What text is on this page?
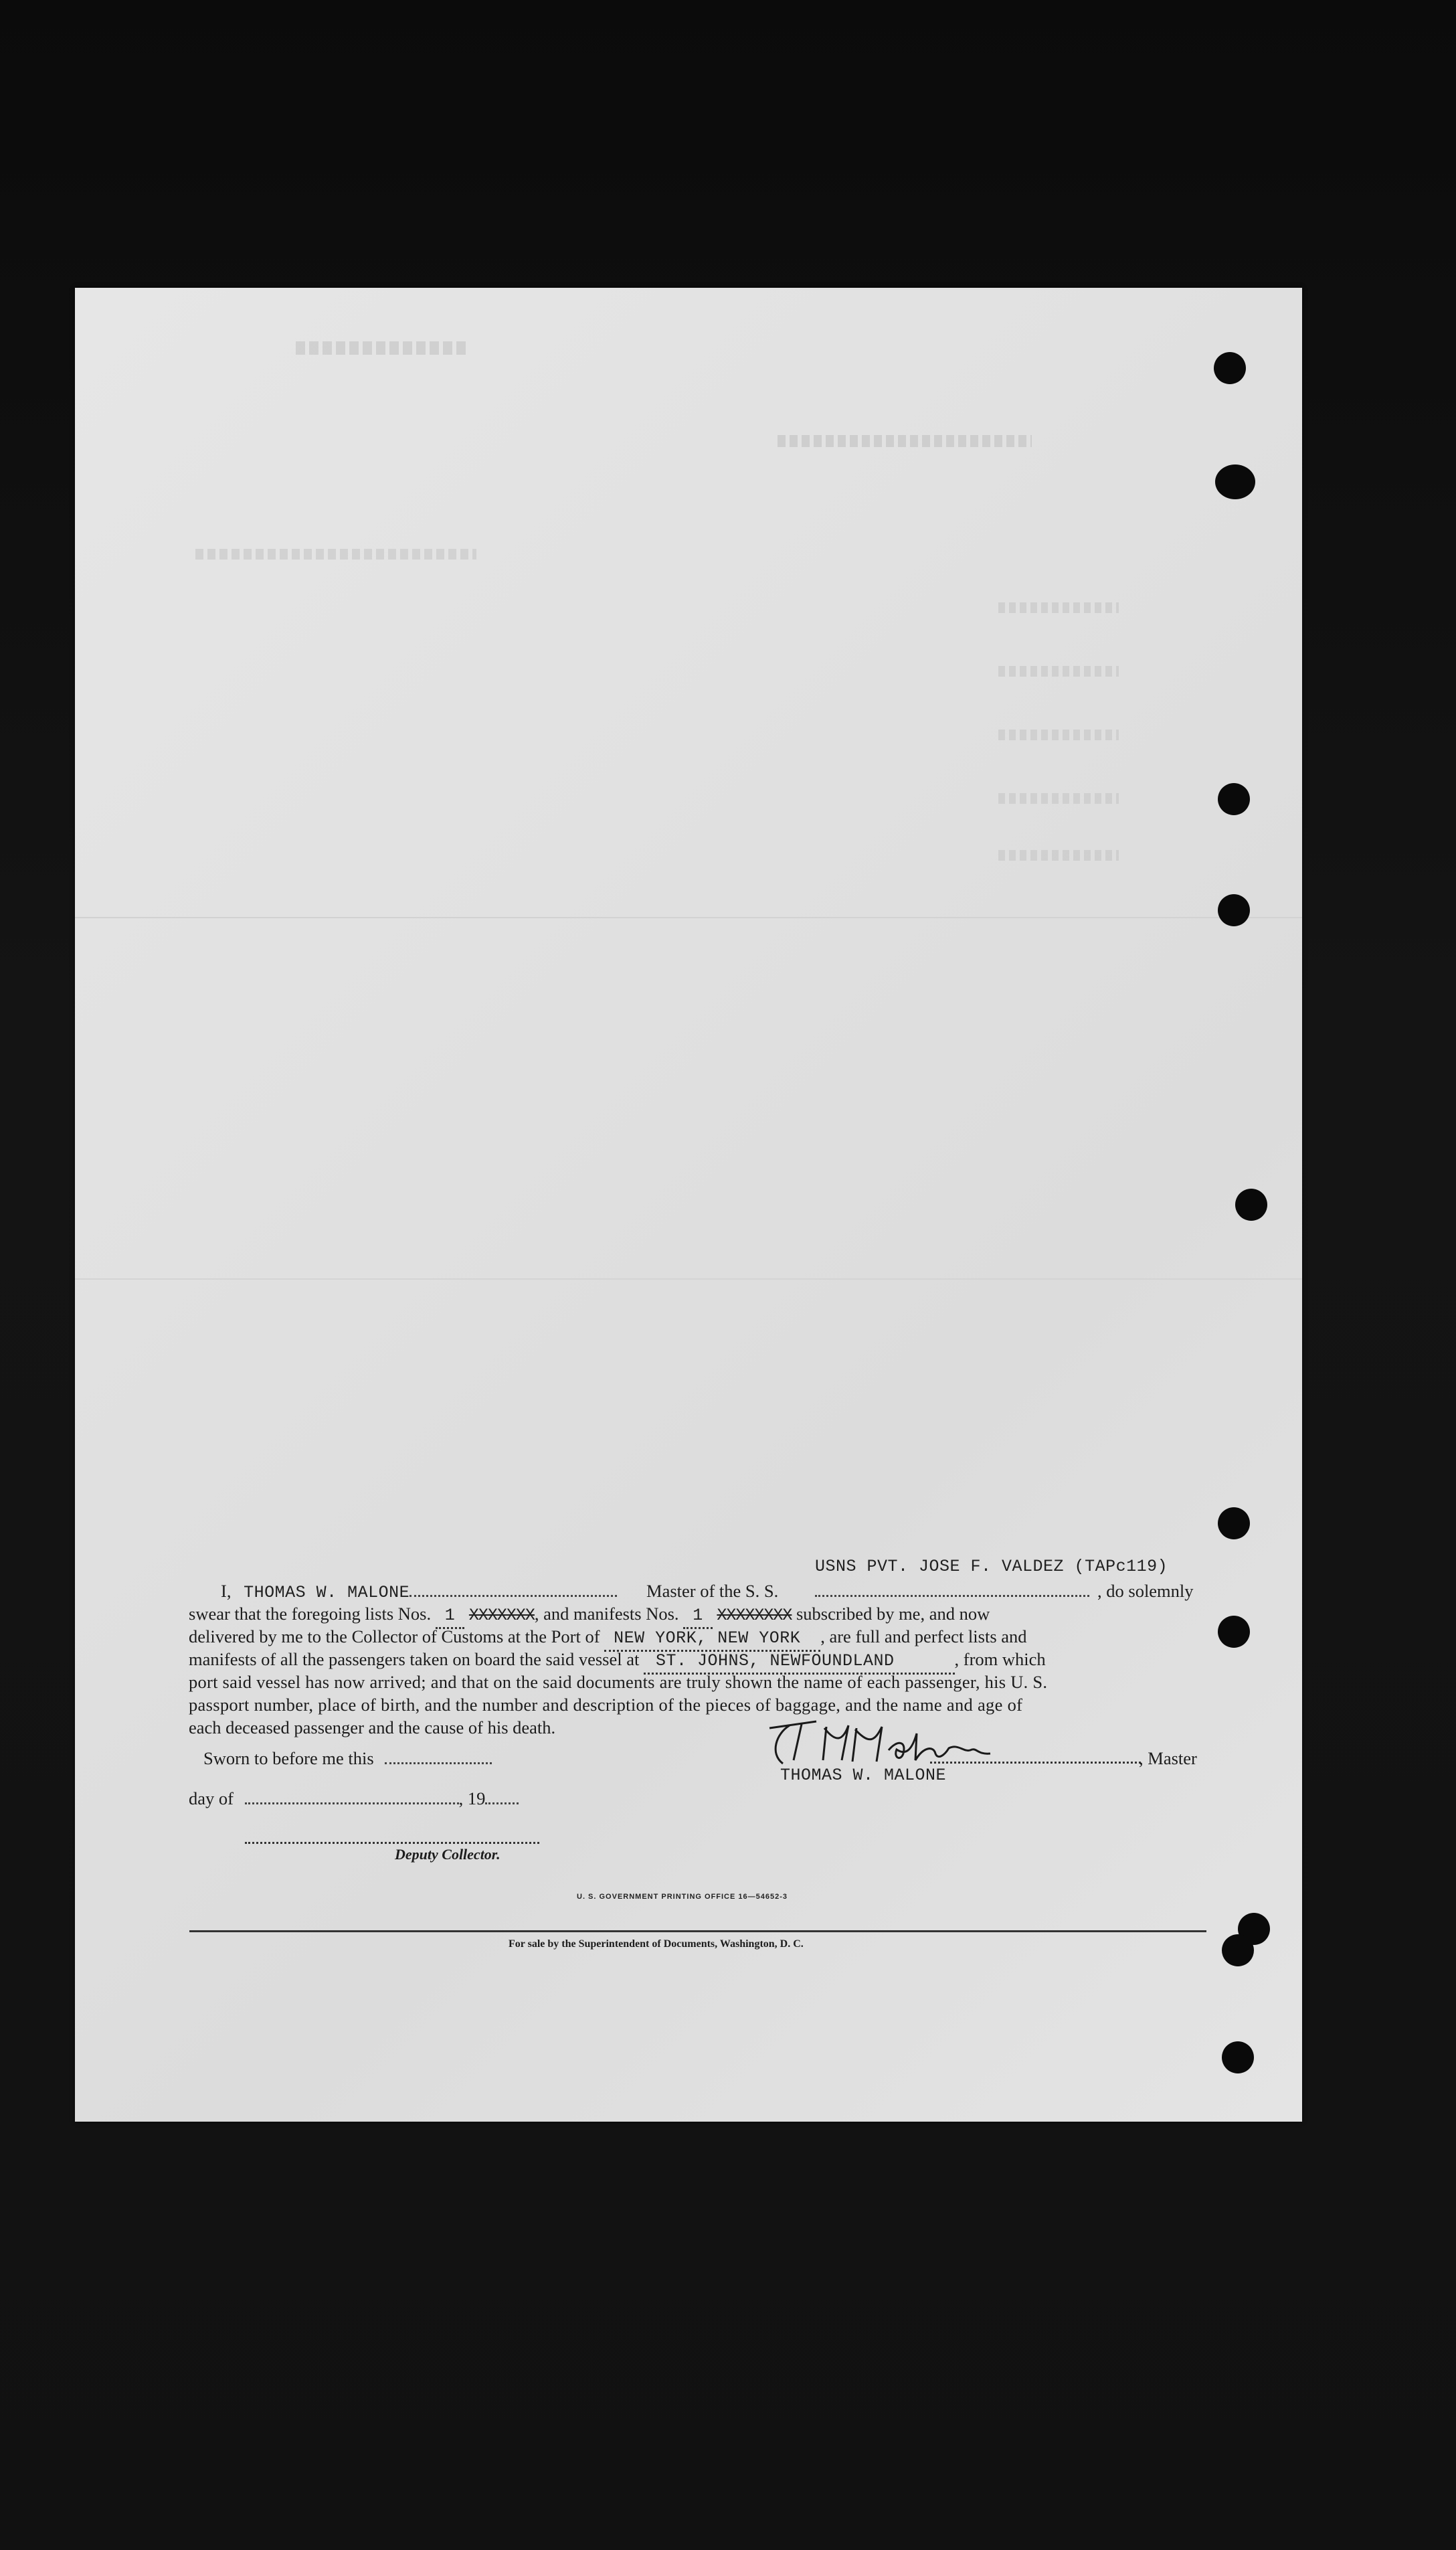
USNS PVT. JOSE F. VALDEZ (TAPc119)
I, THOMAS W. MALONE	Master of the S. S.	, do solemnly
swear that the foregoing lists Nos. 1 XXXXXXX, and manifests Nos. 1 XXXXXXXX subscribed by me, and now
delivered by me to the Collector of Customs at the Port of NEW YORK, NEW YORK , are full and perfect lists and
manifests of all the passengers taken on board the said vessel at ST. JOHNS, NEWFOUNDLAND	, from which
port said vessel has now arrived; and that on the said documents are truly shown the name of each passenger, his U. S.
passport number, place of birth, and the number and description of the pieces of baggage, and the name and age of
each deceased passenger and the cause of his death.
Sworn to before me this
day of	, 19
Deputy Collector.
, Master
THOMAS W. MALONE
U. S. GOVERNMENT PRINTING OFFICE 16—54652-3
For sale by the Superintendent of Documents, Washington, D. C.
